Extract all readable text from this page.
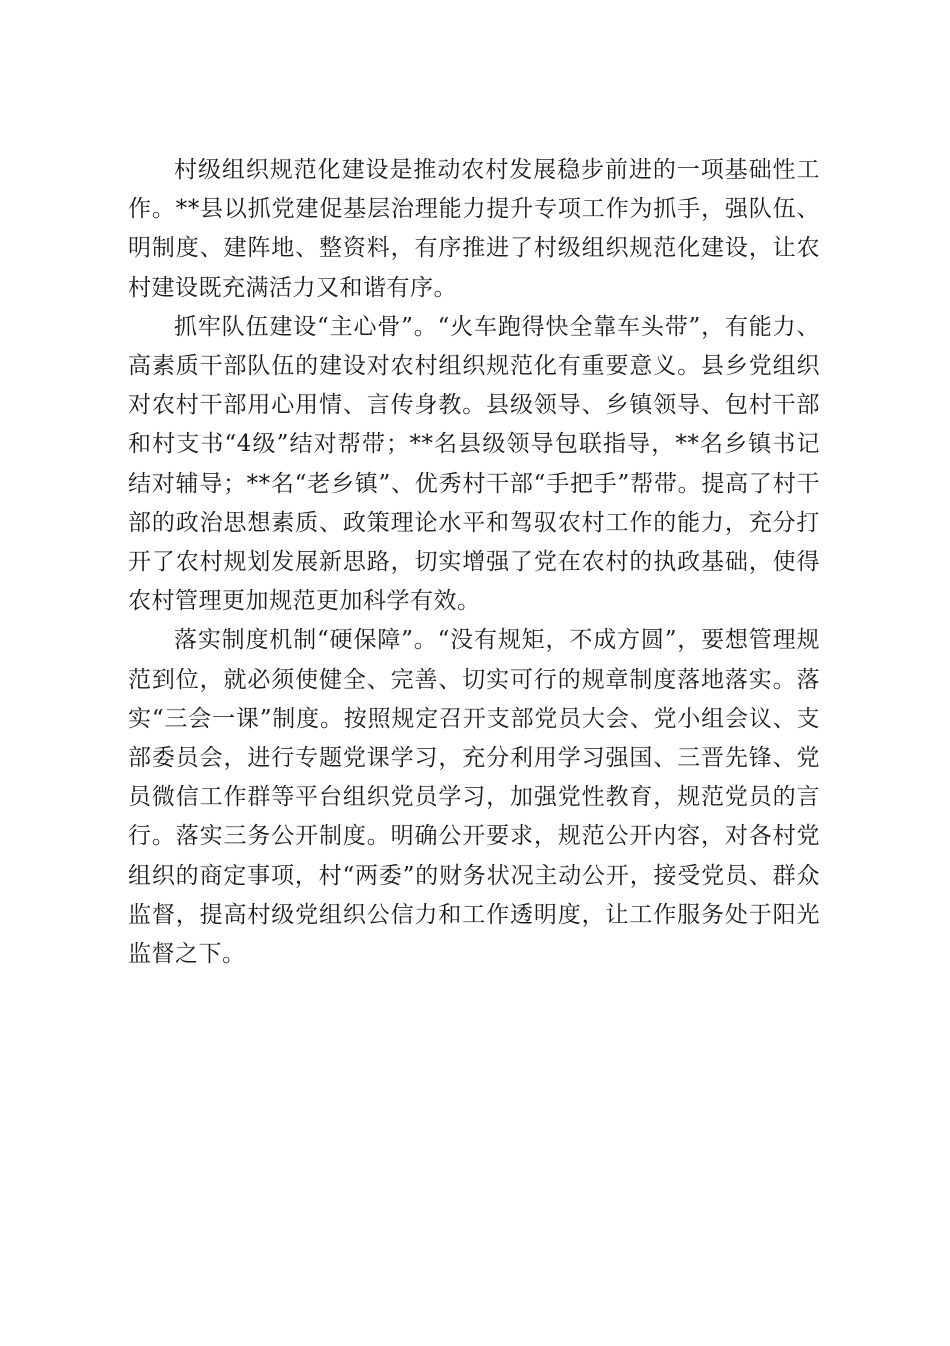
村级组织规范化建设是推动农村发展稳步前进的一项基础性工作。**县以抓党建促基层治理能力提升专项工作为抓手，强队伍、明制度、建阵地、整资料，有序推进了村级组织规范化建设，让农村建设既充满活力又和谐有序。

抓牢队伍建设“主心骨”。“火车跑得快全靠车头带”，有能力、高素质干部队伍的建设对农村组织规范化有重要意义。县乡党组织对农村干部用心用情、言传身教。县级领导、乡镇领导、包村干部和村支书“4级”结对帮带；**名县级领导包联指导，**名乡镇书记结对辅导；**名“老乡镇”、优秀村干部“手把手”帮带。提高了村干部的政治思想素质、政策理论水平和驾驭农村工作的能力，充分打开了农村规划发展新思路，切实增强了党在农村的执政基础，使得农村管理更加规范更加科学有效。

落实制度机制“硬保障”。“没有规矩，不成方圆”，要想管理规范到位，就必须使健全、完善、切实可行的规章制度落地落实。落实“三会一课”制度。按照规定召开支部党员大会、党小组会议、支部委员会，进行专题党课学习，充分利用学习强国、三晋先锋、党员微信工作群等平台组织党员学习，加强党性教育，规范党员的言行。落实三务公开制度。明确公开要求，规范公开内容，对各村党组织的商定事项，村“两委”的财务状况主动公开，接受党员、群众监督，提高村级党组织公信力和工作透明度，让工作服务处于阳光监督之下。
